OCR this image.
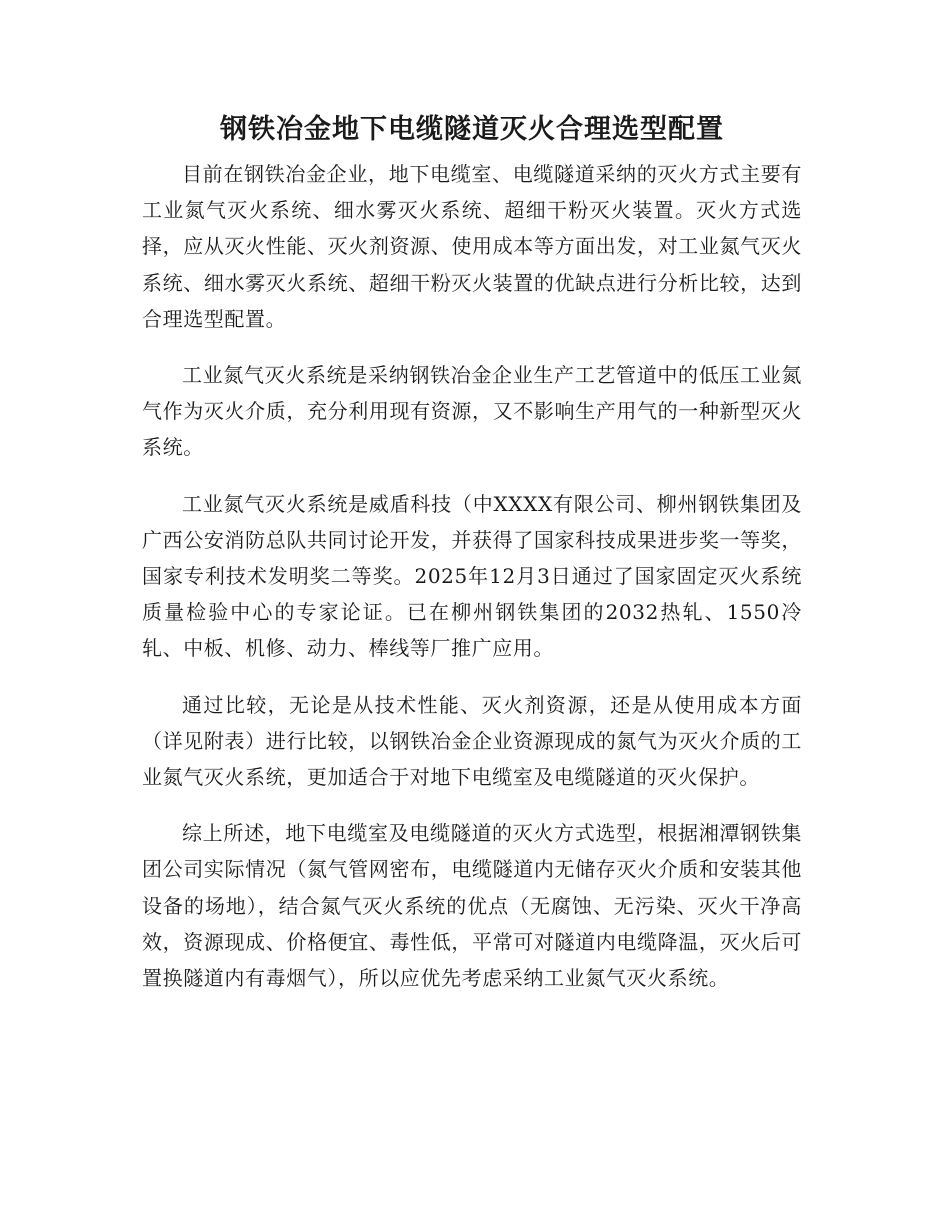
钢铁冶金地下电缆隧道灭火合理选型配置

目前在钢铁冶金企业，地下电缆室、电缆隧道采纳的灭火方式主要有工业氮气灭火系统、细水雾灭火系统、超细干粉灭火装置。灭火方式选择，应从灭火性能、灭火剂资源、使用成本等方面出发，对工业氮气灭火系统、细水雾灭火系统、超细干粉灭火装置的优缺点进行分析比较，达到合理选型配置。

工业氮气灭火系统是采纳钢铁冶金企业生产工艺管道中的低压工业氮气作为灭火介质，充分利用现有资源，又不影响生产用气的一种新型灭火系统。

工业氮气灭火系统是威盾科技（中XXXX有限公司、柳州钢铁集团及广西公安消防总队共同讨论开发，并获得了国家科技成果进步奖一等奖，国家专利技术发明奖二等奖。2025年12月3日通过了国家固定灭火系统质量检验中心的专家论证。已在柳州钢铁集团的2032热轧、1550冷轧、中板、机修、动力、棒线等厂推广应用。

通过比较，无论是从技术性能、灭火剂资源，还是从使用成本方面（详见附表）进行比较，以钢铁冶金企业资源现成的氮气为灭火介质的工业氮气灭火系统，更加适合于对地下电缆室及电缆隧道的灭火保护。

综上所述，地下电缆室及电缆隧道的灭火方式选型，根据湘潭钢铁集团公司实际情况（氮气管网密布，电缆隧道内无储存灭火介质和安装其他设备的场地），结合氮气灭火系统的优点（无腐蚀、无污染、灭火干净高效，资源现成、价格便宜、毒性低，平常可对隧道内电缆降温，灭火后可置换隧道内有毒烟气），所以应优先考虑采纳工业氮气灭火系统。
